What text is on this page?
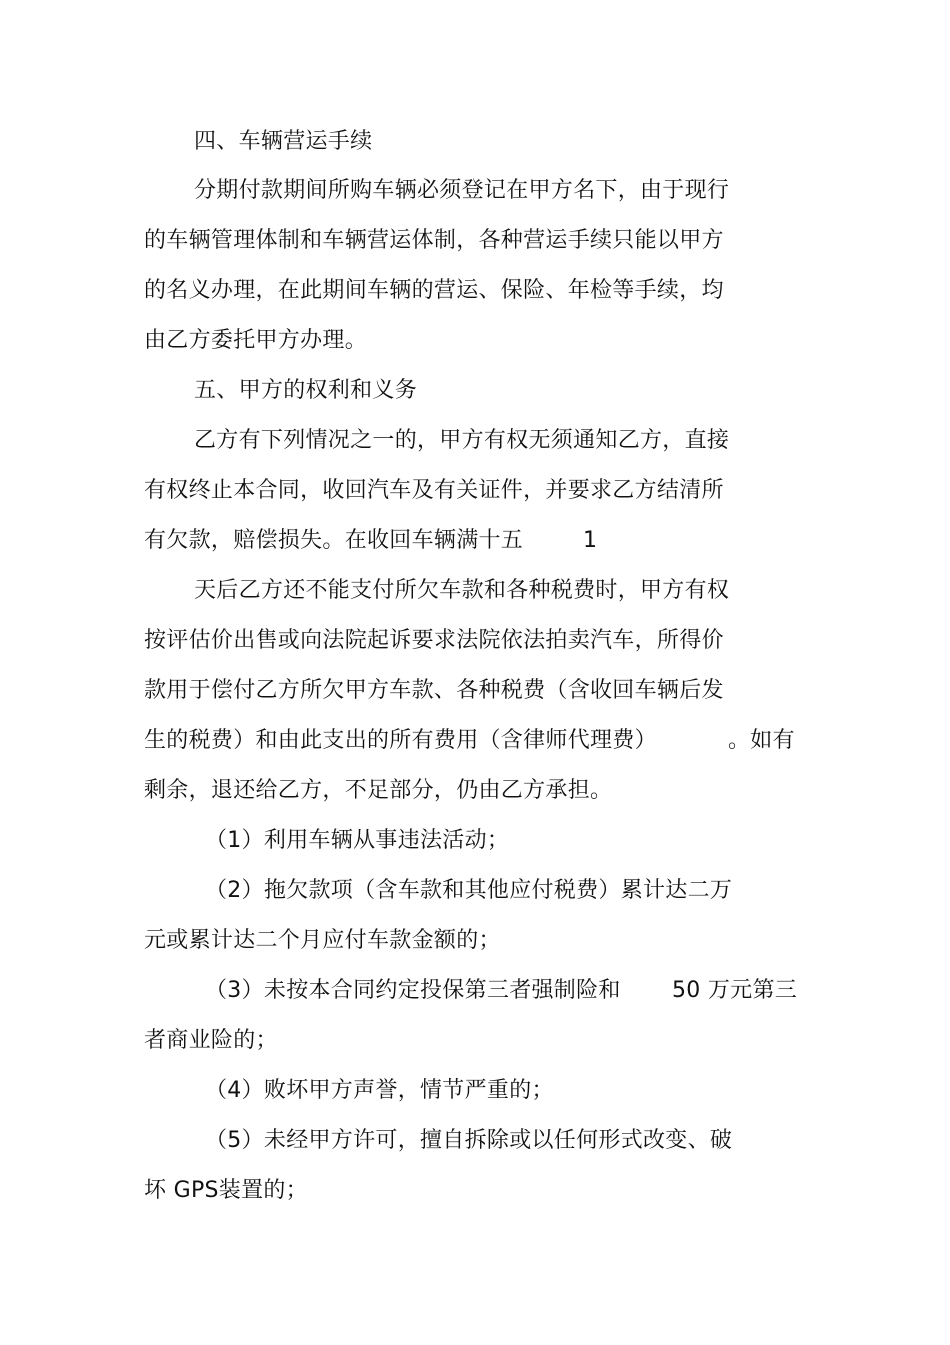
四、车辆营运手续
分期付款期间所购车辆必须登记在甲方名下，由于现行
的车辆管理体制和车辆营运体制，各种营运手续只能以甲方
的名义办理，在此期间车辆的营运、保险、年检等手续，均
由乙方委托甲方办理。
五、甲方的权利和义务
乙方有下列情况之一的，甲方有权无须通知乙方，直接
有权终止本合同，收回汽车及有关证件，并要求乙方结清所
有欠款，赔偿损失。在收回车辆满十五	1
天后乙方还不能支付所欠车款和各种税费时，甲方有权
按评估价出售或向法院起诉要求法院依法拍卖汽车，所得价
款用于偿付乙方所欠甲方车款、各种税费（含收回车辆后发
生的税费）和由此支出的所有费用（含律师代理费）	。如有
剩余，退还给乙方，不足部分，仍由乙方承担。
（1）利用车辆从事违法活动；
（2）拖欠款项（含车款和其他应付税费）累计达二万
元或累计达二个月应付车款金额的；
（3）未按本合同约定投保第三者强制险和 50 万元第三
者商业险的；
（4）败坏甲方声誉，情节严重的；
（5）未经甲方许可，擅自拆除或以任何形式改变、破
坏 GPS装置的；
